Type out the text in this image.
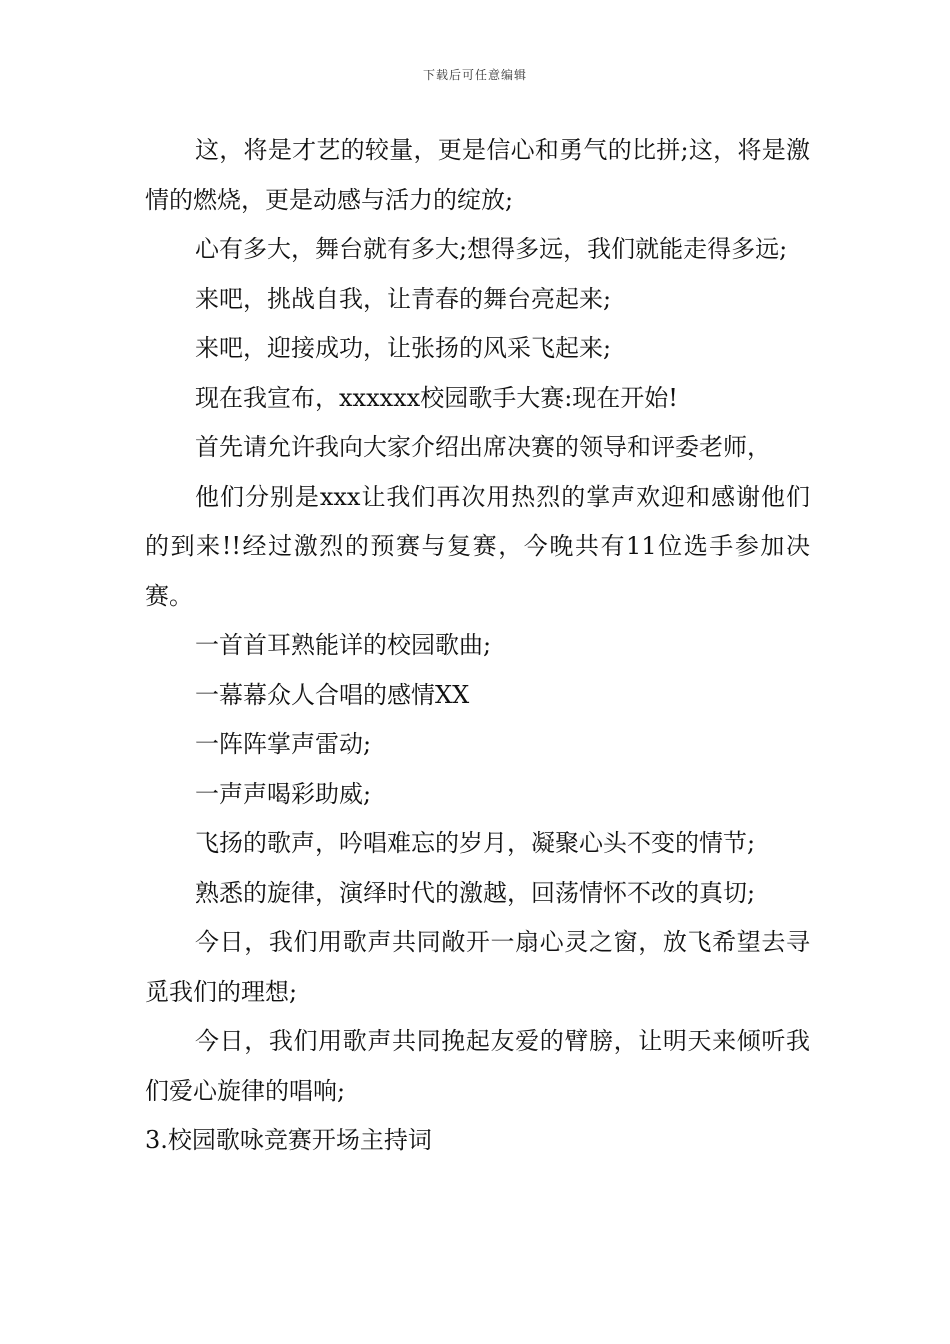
下载后可任意编辑

这，将是才艺的较量，更是信心和勇气的比拼;这，将是激情的燃烧，更是动感与活力的绽放;

心有多大，舞台就有多大;想得多远，我们就能走得多远;

来吧，挑战自我，让青春的舞台亮起来;

来吧，迎接成功，让张扬的风采飞起来;

现在我宣布，xxxxxx校园歌手大赛:现在开始!

首先请允许我向大家介绍出席决赛的领导和评委老师，

他们分别是xxx让我们再次用热烈的掌声欢迎和感谢他们的到来!!经过激烈的预赛与复赛，今晚共有11位选手参加决赛。

一首首耳熟能详的校园歌曲;

一幕幕众人合唱的感情XX

一阵阵掌声雷动;

一声声喝彩助威;

飞扬的歌声，吟唱难忘的岁月，凝聚心头不变的情节;

熟悉的旋律，演绎时代的激越，回荡情怀不改的真切;

今日，我们用歌声共同敞开一扇心灵之窗，放飞希望去寻觅我们的理想;

今日，我们用歌声共同挽起友爱的臂膀，让明天来倾听我们爱心旋律的唱响;

3.校园歌咏竞赛开场主持词
